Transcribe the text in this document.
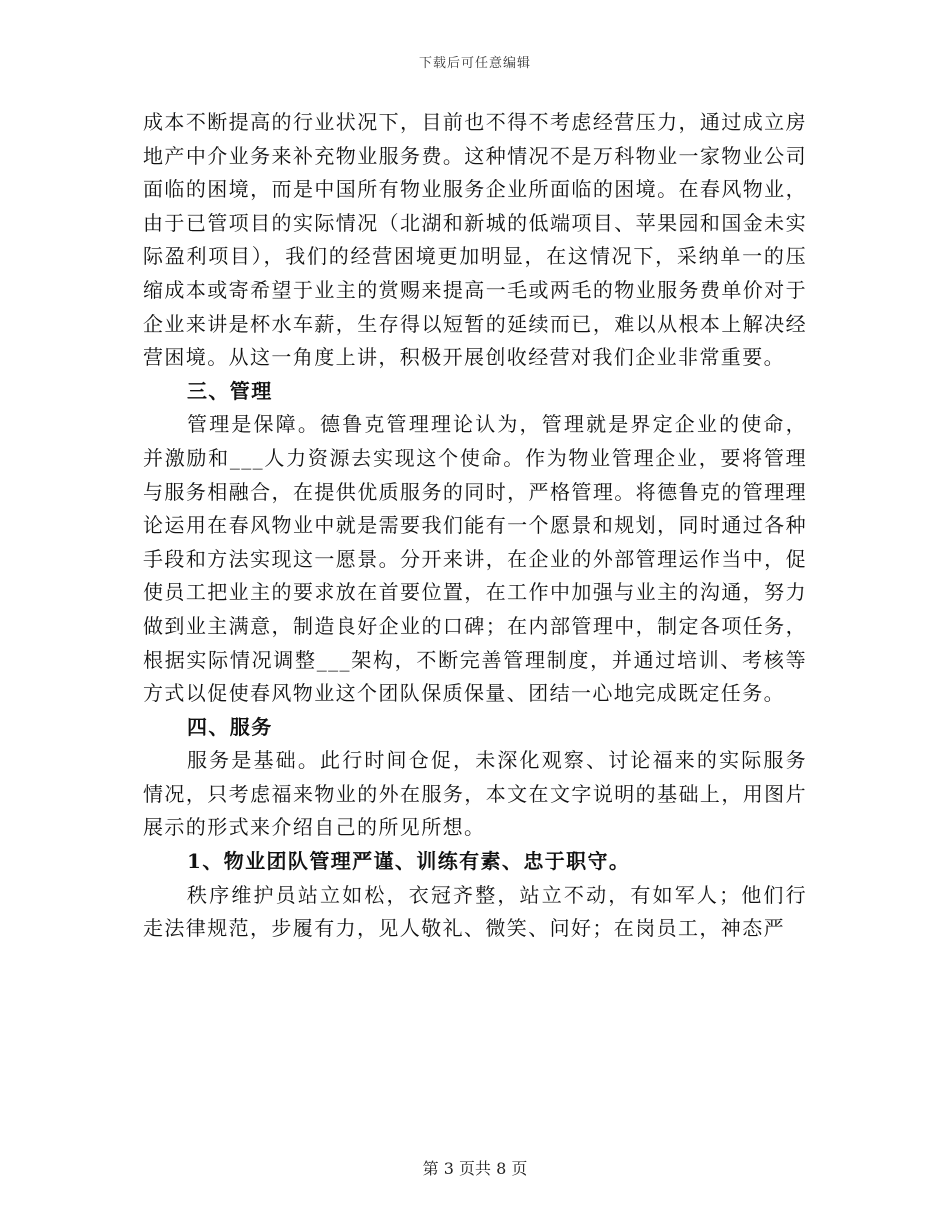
下载后可任意编辑

成本不断提高的行业状况下，目前也不得不考虑经营压力，通过成立房地产中介业务来补充物业服务费。这种情况不是万科物业一家物业公司面临的困境，而是中国所有物业服务企业所面临的困境。在春风物业，由于已管项目的实际情况（北湖和新城的低端项目、苹果园和国金未实际盈利项目），我们的经营困境更加明显，在这情况下，采纳单一的压缩成本或寄希望于业主的赏赐来提高一毛或两毛的物业服务费单价对于企业来讲是杯水车薪，生存得以短暂的延续而已，难以从根本上解决经营困境。从这一角度上讲，积极开展创收经营对我们企业非常重要。

三、管理

管理是保障。德鲁克管理理论认为，管理就是界定企业的使命，并激励和___人力资源去实现这个使命。作为物业管理企业，要将管理与服务相融合，在提供优质服务的同时，严格管理。将德鲁克的管理理论运用在春风物业中就是需要我们能有一个愿景和规划，同时通过各种手段和方法实现这一愿景。分开来讲，在企业的外部管理运作当中，促使员工把业主的要求放在首要位置，在工作中加强与业主的沟通，努力做到业主满意，制造良好企业的口碑；在内部管理中，制定各项任务，根据实际情况调整___架构，不断完善管理制度，并通过培训、考核等方式以促使春风物业这个团队保质保量、团结一心地完成既定任务。

四、服务

服务是基础。此行时间仓促，未深化观察、讨论福来的实际服务情况，只考虑福来物业的外在服务，本文在文字说明的基础上，用图片展示的形式来介绍自己的所见所想。

1、物业团队管理严谨、训练有素、忠于职守。

秩序维护员站立如松，衣冠齐整，站立不动，有如军人；他们行走法律规范，步履有力，见人敬礼、微笑、问好；在岗员工，神态严

第 3 页共 8 页
